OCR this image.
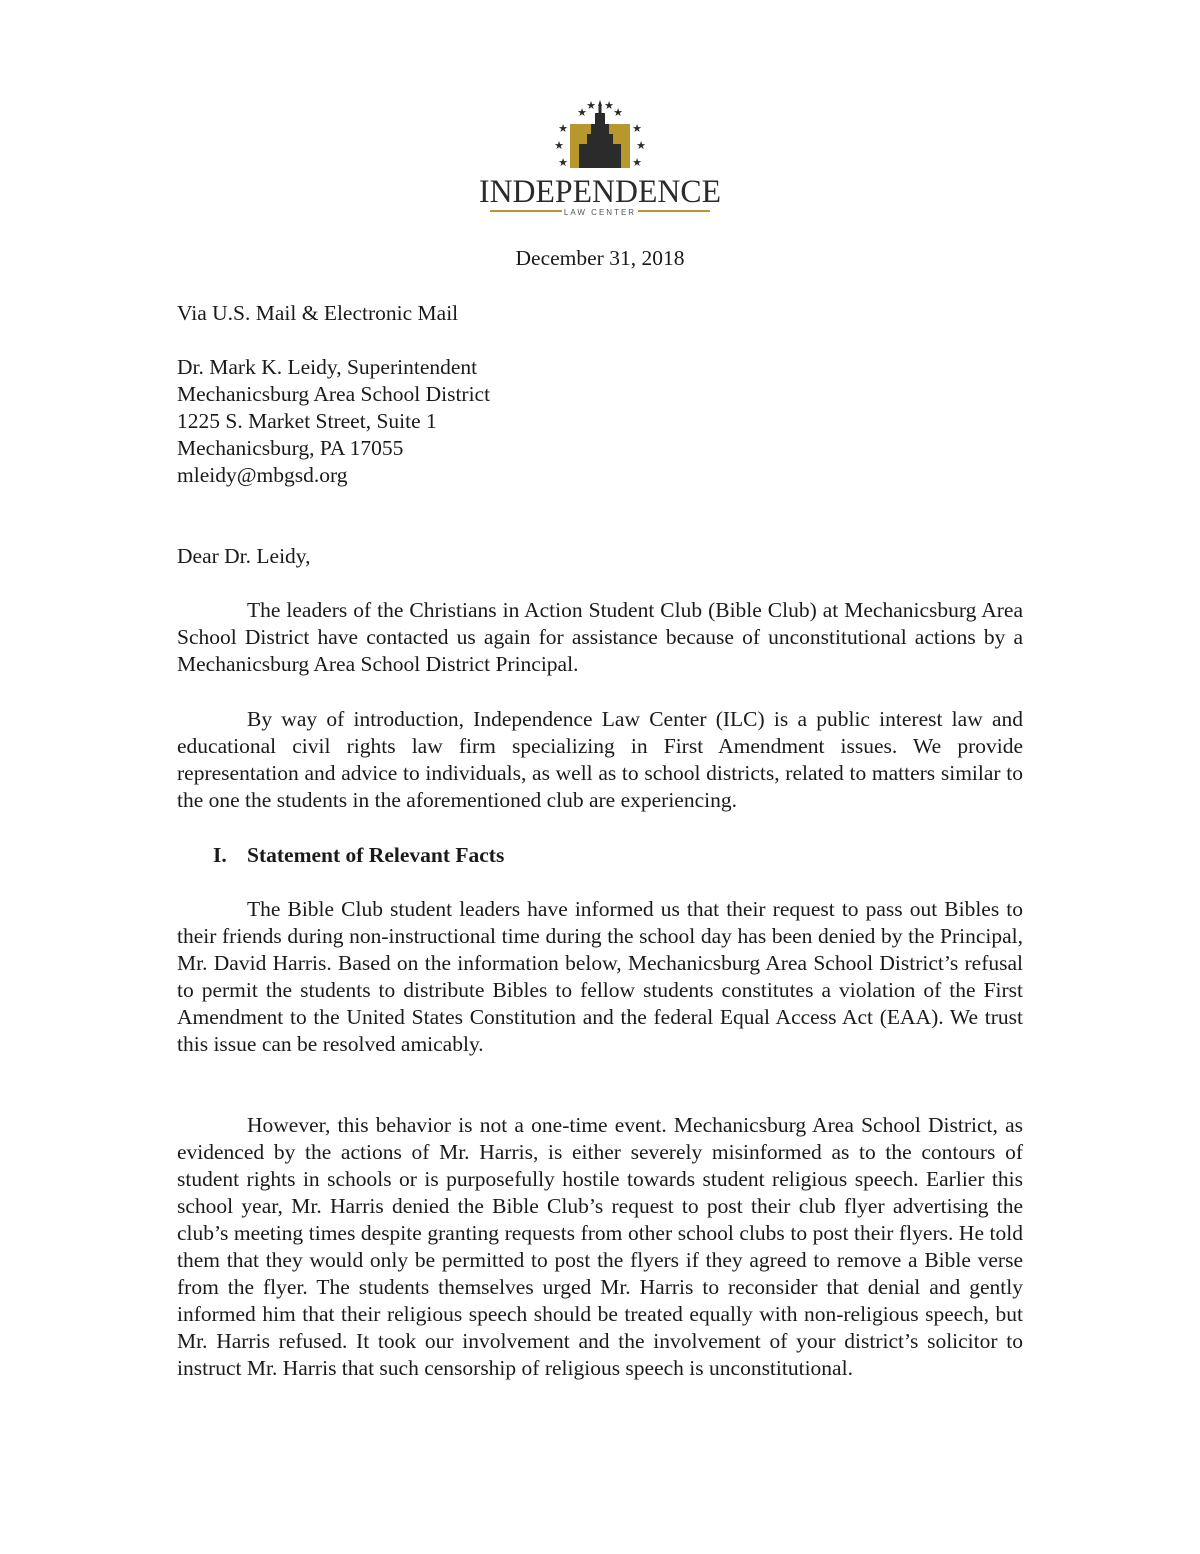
★
★ ★
★
★	★
★	★
★	★
INDEPENDENCE
LAW CENTER
December 31, 2018
Via U.S. Mail & Electronic Mail
Dr. Mark K. Leidy, Superintendent
Mechanicsburg Area School District
1225 S. Market Street, Suite 1
Mechanicsburg, PA 17055
mleidy@mbgsd.org
Dear Dr. Leidy,

The leaders of the Christians in Action Student Club (Bible Club) at Mechanicsburg Area School District have contacted us again for assistance because of unconstitutional actions by a Mechanicsburg Area School District Principal.

By way of introduction, Independence Law Center (ILC) is a public interest law and educational civil rights law firm specializing in First Amendment issues. We provide representation and advice to individuals, as well as to school districts, related to matters similar to the one the students in the aforementioned club are experiencing.

I. Statement of Relevant Facts

The Bible Club student leaders have informed us that their request to pass out Bibles to their friends during non-instructional time during the school day has been denied by the Principal, Mr. David Harris. Based on the information below, Mechanicsburg Area School District’s refusal to permit the students to distribute Bibles to fellow students constitutes a violation of the First Amendment to the United States Constitution and the federal Equal Access Act (EAA). We trust this issue can be resolved amicably.

However, this behavior is not a one-time event. Mechanicsburg Area School District, as evidenced by the actions of Mr. Harris, is either severely misinformed as to the contours of student rights in schools or is purposefully hostile towards student religious speech. Earlier this school year, Mr. Harris denied the Bible Club’s request to post their club flyer advertising the club’s meeting times despite granting requests from other school clubs to post their flyers. He told them that they would only be permitted to post the flyers if they agreed to remove a Bible verse from the flyer. The students themselves urged Mr. Harris to reconsider that denial and gently informed him that their religious speech should be treated equally with non-religious speech, but Mr. Harris refused. It took our involvement and the involvement of your district’s solicitor to instruct Mr. Harris that such censorship of religious speech is unconstitutional.
